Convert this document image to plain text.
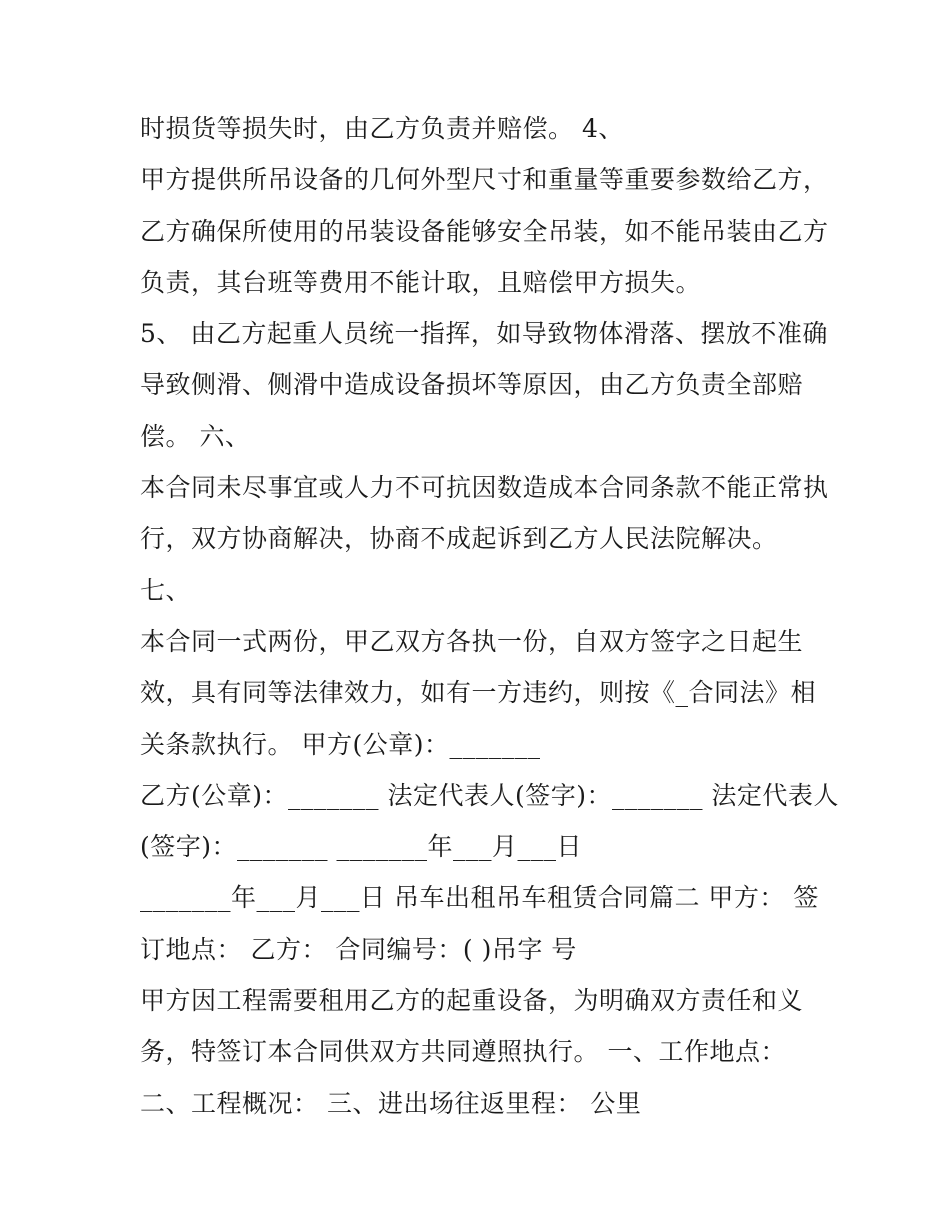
时损货等损失时，由乙方负责并赔偿。 4、
甲方提供所吊设备的几何外型尺寸和重量等重要参数给乙方，
乙方确保所使用的吊装设备能够安全吊装，如不能吊装由乙方
负责，其台班等费用不能计取，且赔偿甲方损失。
5、 由乙方起重人员统一指挥，如导致物体滑落、摆放不准确
导致侧滑、侧滑中造成设备损坏等原因，由乙方负责全部赔
偿。 六、
本合同未尽事宜或人力不可抗因数造成本合同条款不能正常执
行，双方协商解决，协商不成起诉到乙方人民法院解决。
七、
本合同一式两份，甲乙双方各执一份，自双方签字之日起生
效，具有同等法律效力，如有一方违约，则按《_合同法》相
关条款执行。 甲方(公章)：_______
乙方(公章)：_______ 法定代表人(签字)：_______ 法定代表人
(签字)：_______ _______年___月___日
_______年___月___日 吊车出租吊车租赁合同篇二 甲方： 签
订地点： 乙方： 合同编号：( )吊字 号
甲方因工程需要租用乙方的起重设备，为明确双方责任和义
务，特签订本合同供双方共同遵照执行。 一、工作地点：
二、工程概况： 三、进出场往返里程： 公里
